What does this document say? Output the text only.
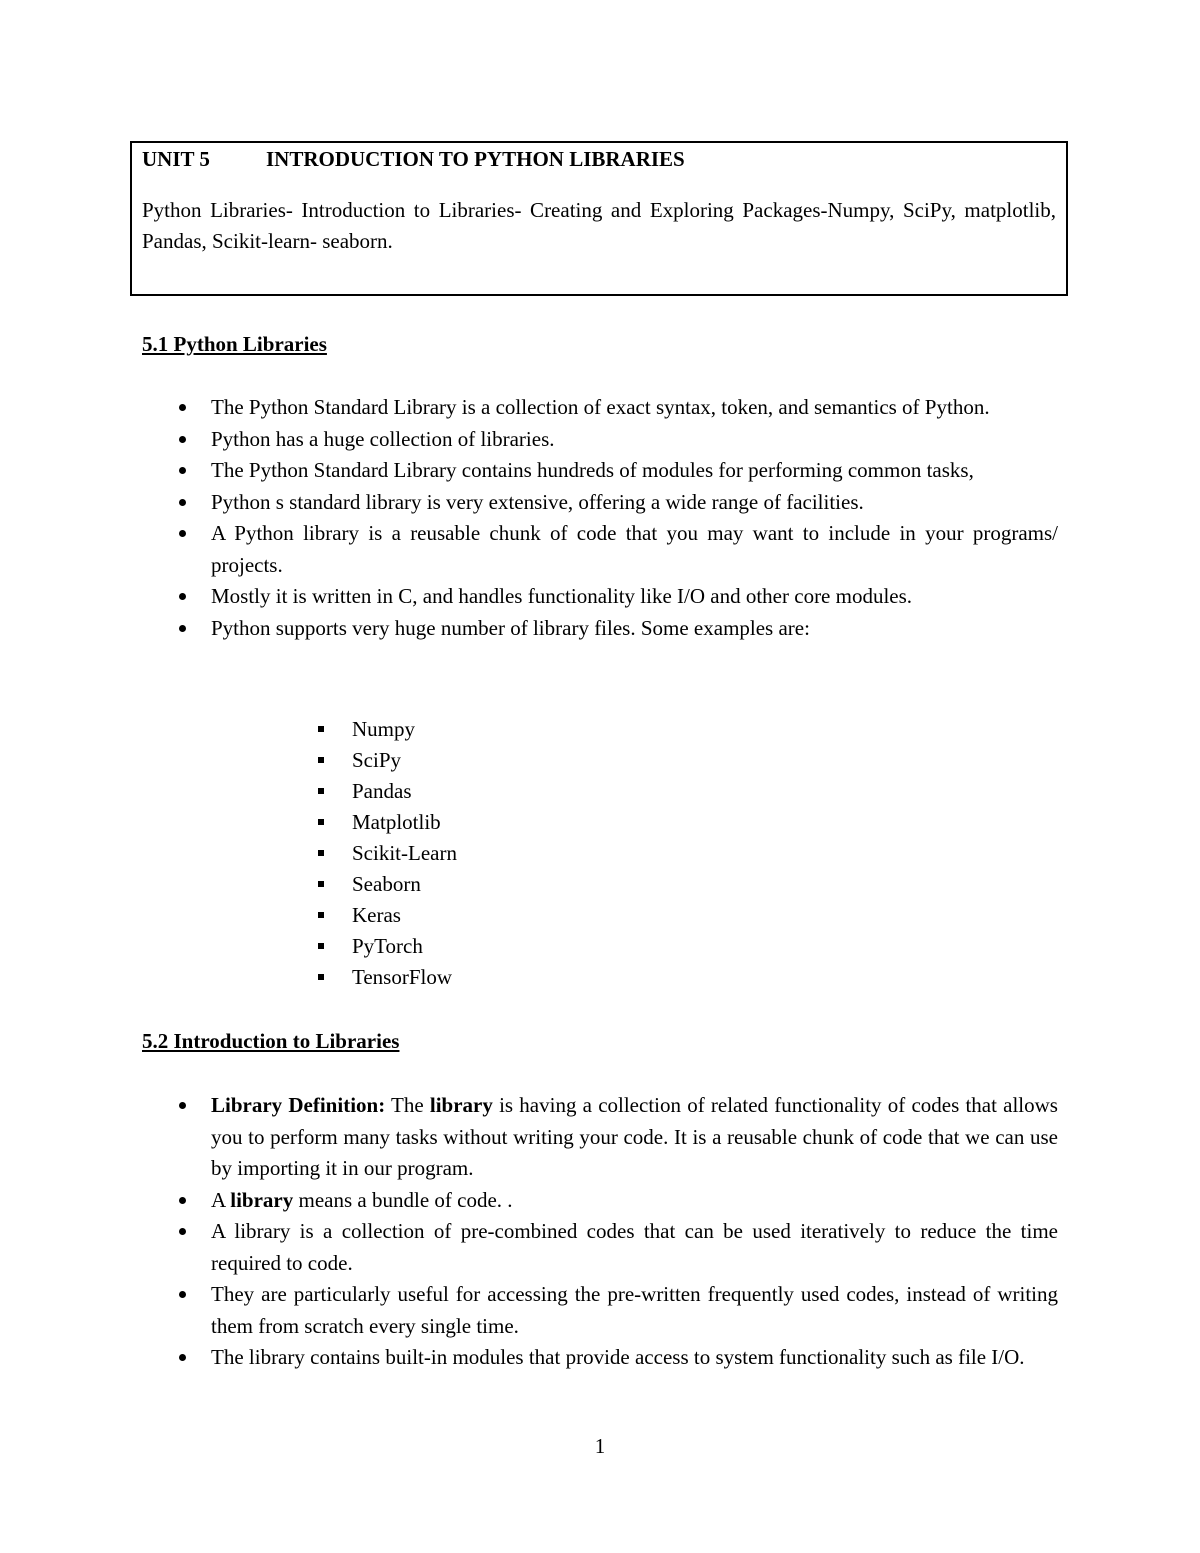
UNIT 5	INTRODUCTION TO PYTHON LIBRARIES
Python Libraries- Introduction to Libraries- Creating and Exploring Packages-Numpy, SciPy, matplotlib, Pandas, Scikit-learn- seaborn.
5.1 Python Libraries
The Python Standard Library is a collection of exact syntax, token, and semantics of Python.
Python has a huge collection of libraries.
The Python Standard Library contains hundreds of modules for performing common tasks,
Python s standard library is very extensive, offering a wide range of facilities.
A Python library is a reusable chunk of code that you may want to include in your programs/ projects.
Mostly it is written in C, and handles functionality like I/O and other core modules.
Python supports very huge number of library files. Some examples are:
Numpy
SciPy
Pandas
Matplotlib
Scikit-Learn
Seaborn
Keras
PyTorch
TensorFlow
5.2 Introduction to Libraries
Library Definition: The library is having a collection of related functionality of codes that allows you to perform many tasks without writing your code. It is a reusable chunk of code that we can use by importing it in our program.
A library means a bundle of code. .
A library is a collection of pre-combined codes that can be used iteratively to reduce the time required to code.
They are particularly useful for accessing the pre-written frequently used codes, instead of writing them from scratch every single time.
The library contains built-in modules that provide access to system functionality such as file I/O.
1
